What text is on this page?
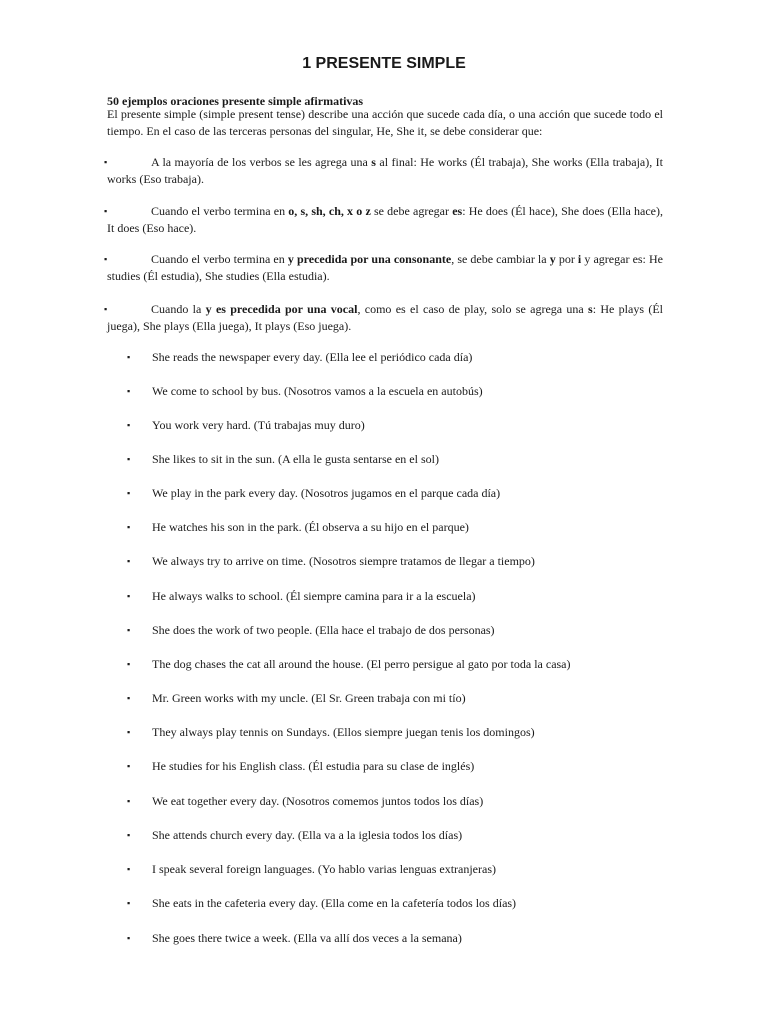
1 PRESENTE SIMPLE
50 ejemplos oraciones presente simple afirmativas
El presente simple (simple present tense) describe una acción que sucede cada día, o una acción que sucede todo el tiempo. En el caso de las terceras personas del singular, He, She it, se debe considerar que:
▪	A la mayoría de los verbos se les agrega una s al final: He works (Él trabaja), She works (Ella trabaja), It works (Eso trabaja).
▪	Cuando el verbo termina en o, s, sh, ch, x o z se debe agregar es: He does (Él hace), She does (Ella hace), It does (Eso hace).
▪	Cuando el verbo termina en y precedida por una consonante, se debe cambiar la y por i y agregar es: He studies (Él estudia), She studies (Ella estudia).
▪	Cuando la y es precedida por una vocal, como es el caso de play, solo se agrega una s: He plays (Él juega), She plays (Ella juega), It plays (Eso juega).
▪ She reads the newspaper every day. (Ella lee el periódico cada día)
▪ We come to school by bus. (Nosotros vamos a la escuela en autobús)
▪ You work very hard. (Tú trabajas muy duro)
▪ She likes to sit in the sun. (A ella le gusta sentarse en el sol)
▪ We play in the park every day. (Nosotros jugamos en el parque cada día)
▪ He watches his son in the park. (Él observa a su hijo en el parque)
▪ We always try to arrive on time. (Nosotros siempre tratamos de llegar a tiempo)
▪ He always walks to school. (Él siempre camina para ir a la escuela)
▪ She does the work of two people. (Ella hace el trabajo de dos personas)
▪ The dog chases the cat all around the house. (El perro persigue al gato por toda la casa)
▪ Mr. Green works with my uncle. (El Sr. Green trabaja con mi tío)
▪ They always play tennis on Sundays. (Ellos siempre juegan tenis los domingos)
▪ He studies for his English class. (Él estudia para su clase de inglés)
▪ We eat together every day. (Nosotros comemos juntos todos los días)
▪ She attends church every day. (Ella va a la iglesia todos los días)
▪ I speak several foreign languages. (Yo hablo varias lenguas extranjeras)
▪ She eats in the cafeteria every day. (Ella come en la cafetería todos los días)
▪ She goes there twice a week. (Ella va allí dos veces a la semana)
